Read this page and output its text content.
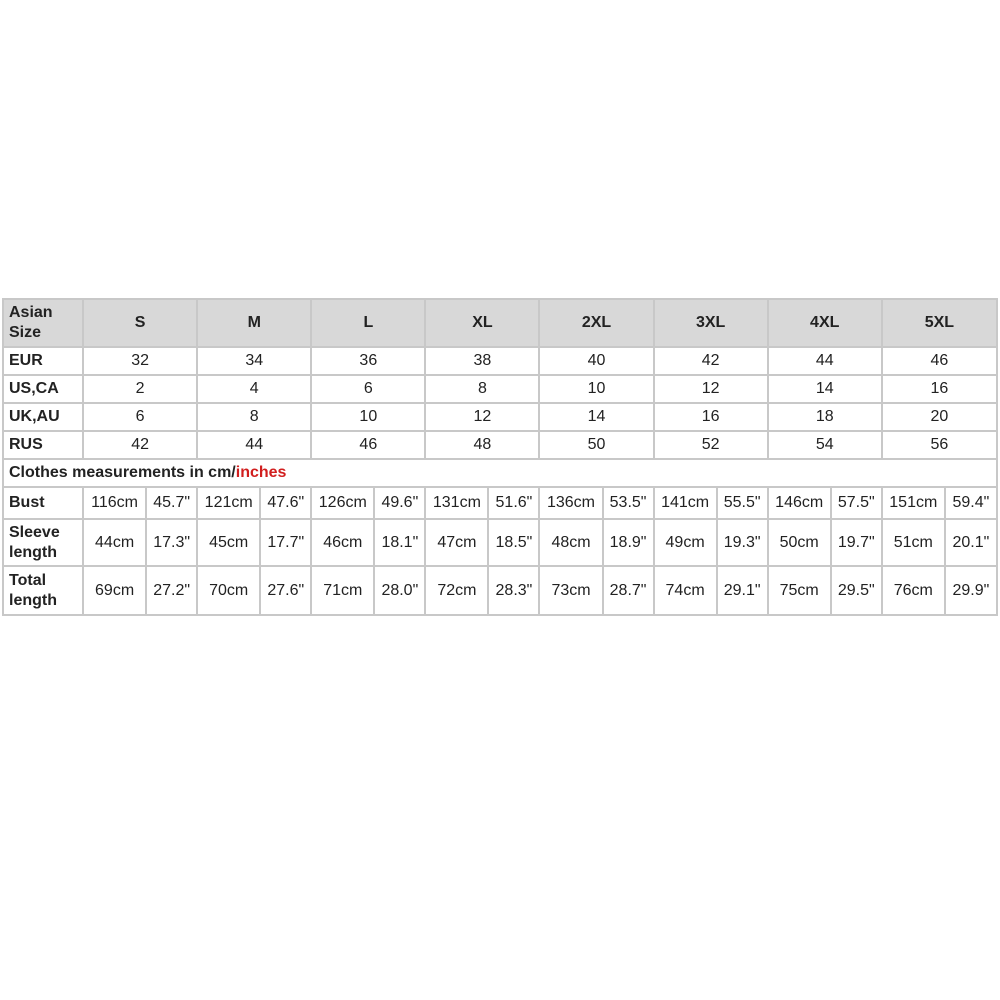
Asian Size	S		M		L		XL		2XL		3XL		4XL		5XL	
EUR	32		34		36		38		40		42		44		46	
US,CA	2		4		6		8		10		12		14		16	
UK,AU	6		8		10		12		14		16		18		20	
RUS	42		44		46		48		50		52		54		56	
Clothes measurements in cm/inches																
Bust	116cm	45.7"	121cm	47.6"	126cm	49.6"	131cm	51.6"	136cm	53.5"	141cm	55.5"	146cm	57.5"	151cm	59.4"
Sleeve length	44cm	17.3"	45cm	17.7"	46cm	18.1"	47cm	18.5"	48cm	18.9"	49cm	19.3"	50cm	19.7"	51cm	20.1"
Total length	69cm	27.2"	70cm	27.6"	71cm	28.0"	72cm	28.3"	73cm	28.7"	74cm	29.1"	75cm	29.5"	76cm	29.9"
